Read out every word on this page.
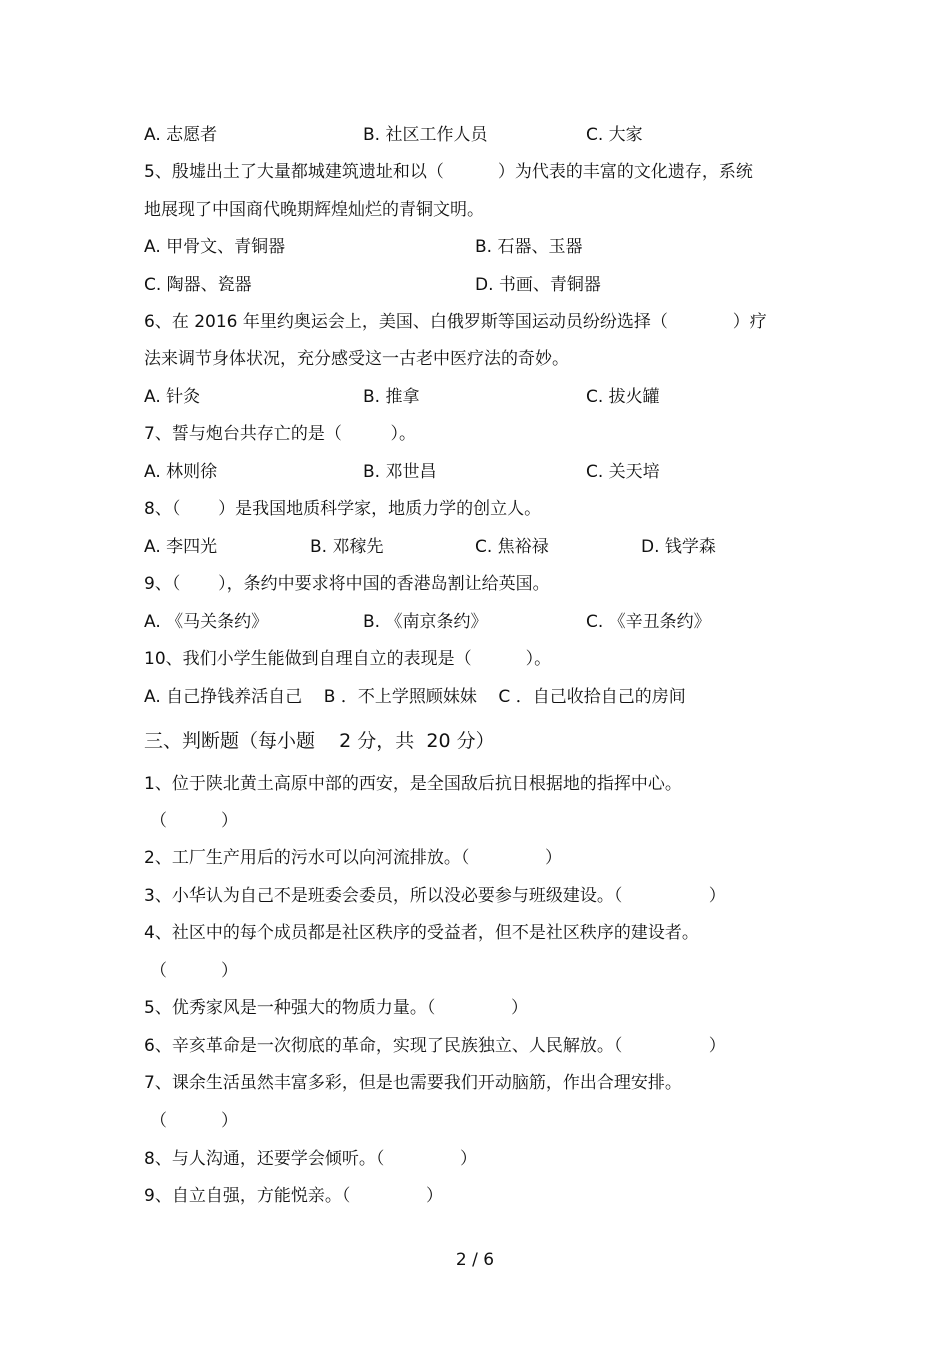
A. 志愿者	B. 社区工作人员	C. 大家
5、殷墟出土了大量都城建筑遗址和以（          ）为代表的丰富的文化遗存，系统
地展现了中国商代晚期辉煌灿烂的青铜文明。
A. 甲骨文、青铜器	B. 石器、玉器
C. 陶器、瓷器	D. 书画、青铜器
6、在 2016 年里约奥运会上，美国、白俄罗斯等国运动员纷纷选择（            ）疗
法来调节身体状况，充分感受这一古老中医疗法的奇妙。
A. 针灸	B. 推拿	C. 拔火罐
7、誓与炮台共存亡的是（         ）。
A. 林则徐	B. 邓世昌	C. 关天培
8、（       ）是我国地质科学家，地质力学的创立人。
A. 李四光	B. 邓稼先	C. 焦裕禄	D. 钱学森
9、（       ），条约中要求将中国的香港岛割让给英国。
A. 《马关条约》	B. 《南京条约》	C. 《辛丑条约》
10、我们小学生能做到自理自立的表现是（          ）。
A. 自己挣钱养活自己    B ．不上学照顾妹妹    C ．自己收拾自己的房间
三、判断题（每小题    2 分，共  20 分）
1、位于陕北黄土高原中部的西安，是全国敌后抗日根据地的指挥中心。
（          ）
2、工厂生产用后的污水可以向河流排放。（              ）
3、小华认为自己不是班委会委员，所以没必要参与班级建设。（                ）
4、社区中的每个成员都是社区秩序的受益者，但不是社区秩序的建设者。
（          ）
5、优秀家风是一种强大的物质力量。（              ）
6、辛亥革命是一次彻底的革命，实现了民族独立、人民解放。（                ）
7、课余生活虽然丰富多彩，但是也需要我们开动脑筋，作出合理安排。
（          ）
8、与人沟通，还要学会倾听。（              ）
9、自立自强，方能悦亲。（              ）
2 / 6
